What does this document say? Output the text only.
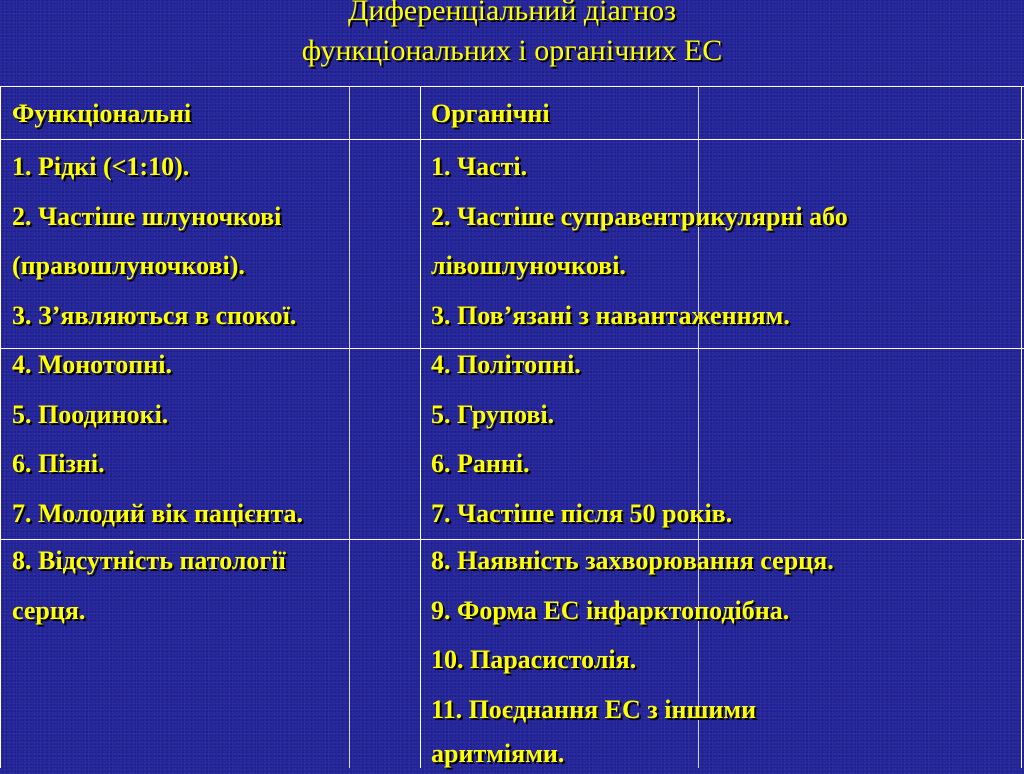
Диференціальний діагноз
функціональних і органічних ЕС
Функціональні	Органічні
1. Рідкі (<1:10).
2. Частіше шлуночкові
(правошлуночкові).
3. З’являються в спокої.
1. Часті.
2. Частіше суправентрикулярні або
лівошлуночкові.
3. Пов’язані з навантаженням.
4. Монотопні.
5. Поодинокі.
6. Пізні.
7. Молодий вік пацієнта.
4. Політопні.
5. Групові.
6. Ранні.
7. Частіше після 50 років.
8. Відсутність патології
серця.
8. Наявність захворювання серця.
9. Форма ЕС інфарктоподібна.
10. Парасистолія.
11. Поєднання ЕС з іншими
аритміями.
